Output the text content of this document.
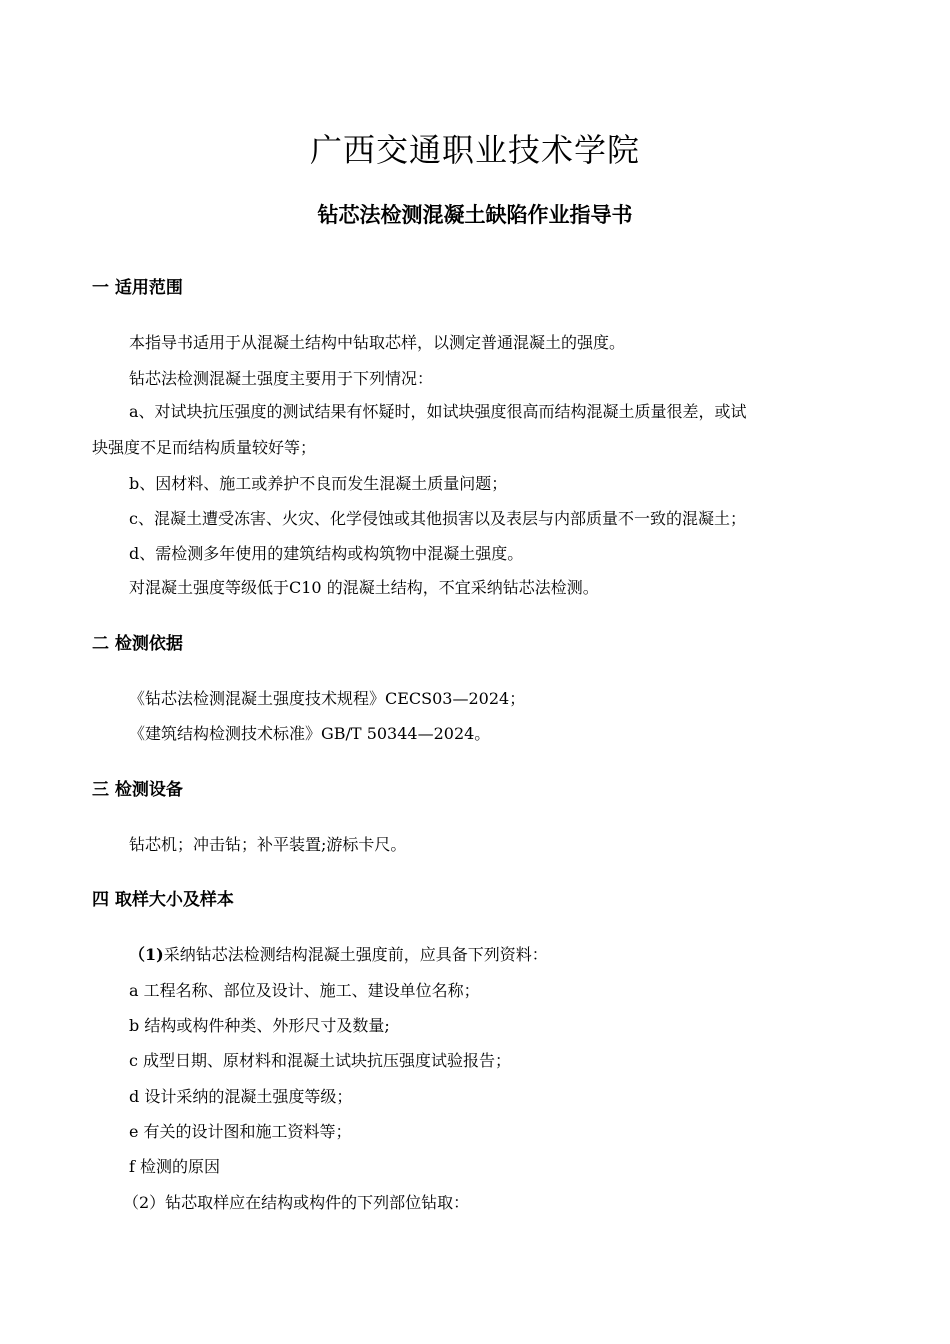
广西交通职业技术学院
钻芯法检测混凝土缺陷作业指导书
一 适用范围
本指导书适用于从混凝土结构中钻取芯样，以测定普通混凝土的强度。
钻芯法检测混凝土强度主要用于下列情况：
a、对试块抗压强度的测试结果有怀疑时，如试块强度很高而结构混凝土质量很差，或试
块强度不足而结构质量较好等；
b、因材料、施工或养护不良而发生混凝土质量问题；
c、混凝土遭受冻害、火灾、化学侵蚀或其他损害以及表层与内部质量不一致的混凝土；
d、需检测多年使用的建筑结构或构筑物中混凝土强度。
对混凝土强度等级低于C10 的混凝土结构，不宜采纳钻芯法检测。
二 检测依据
《钻芯法检测混凝土强度技术规程》CECS03—2024；
《建筑结构检测技术标准》GB/T 50344—2024。
三 检测设备
钻芯机；冲击钻；补平装置;游标卡尺。
四 取样大小及样本
（1)采纳钻芯法检测结构混凝土强度前，应具备下列资料：
a 工程名称、部位及设计、施工、建设单位名称；
b 结构或构件种类、外形尺寸及数量;
c 成型日期、原材料和混凝土试块抗压强度试验报告；
d 设计采纳的混凝土强度等级；
e 有关的设计图和施工资料等；
f 检测的原因
（2）钻芯取样应在结构或构件的下列部位钻取：
